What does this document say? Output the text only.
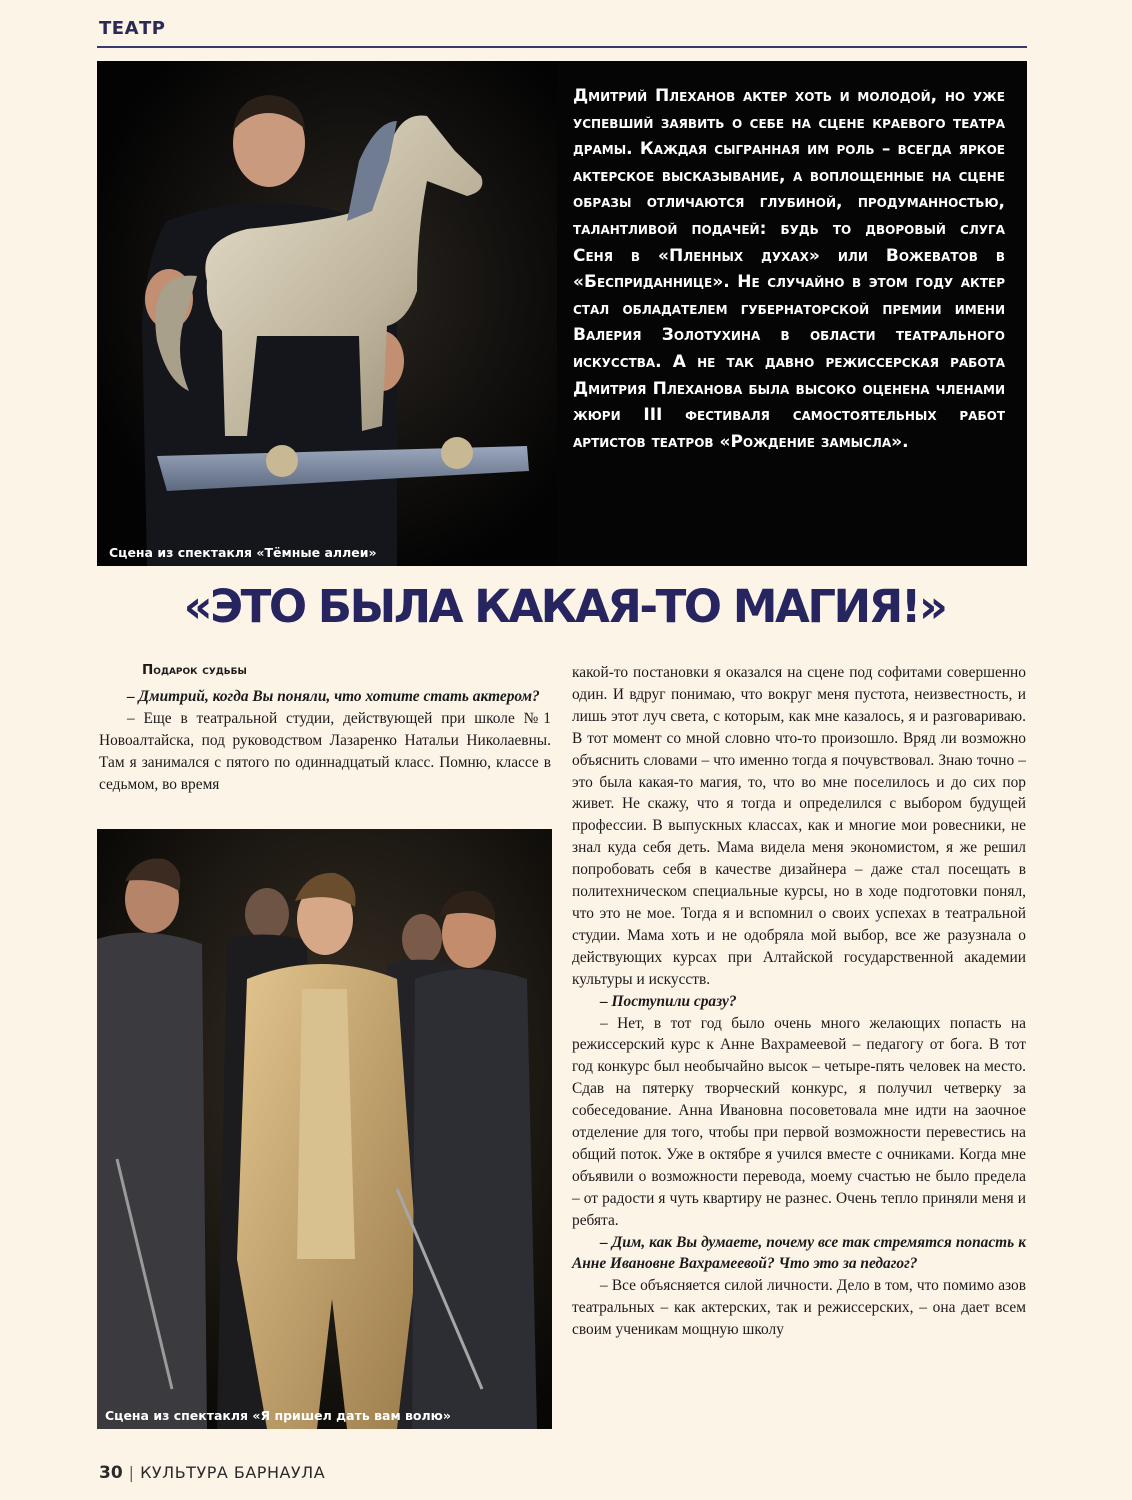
ТЕАТР
Сцена из спектакля «Тёмные аллеи»

Дмитрий Плеханов актер хоть и молодой, но уже успевший заявить о себе на сцене краевого театра драмы. Каждая сыгранная им роль – всегда яркое актерское высказывание, а воплощенные на сцене образы отличаются глубиной, продуманностью, талантливой подачей: будь то дворовый слуга Сеня в «Пленных духах» или Вожеватов в «Бесприданнице». Не случайно в этом году актер стал обладателем губернаторской премии имени Валерия Золотухина в области театрального искусства. А не так давно режиссерская работа Дмитрия Плеханова была высоко оценена членами жюри III фестиваля самостоятельных работ артистов театров «Рождение замысла».

«ЭТО БЫЛА КАКАЯ-ТО МАГИЯ!»
Подарок судьбы

– Дмитрий, когда Вы поняли, что хотите стать актером?

– Еще в театральной студии, действующей при школе №1 Новоалтайска, под руководством Лазаренко Натальи Николаевны. Там я занимался с пятого по одиннадцатый класс. Помню, классе в седьмом, во время

Сцена из спектакля «Я пришел дать вам волю»

какой-то постановки я оказался на сцене под софитами совершенно один. И вдруг понимаю, что вокруг меня пустота, неизвестность, и лишь этот луч света, с которым, как мне казалось, я и разговариваю. В тот момент со мной словно что-то произошло. Вряд ли возможно объяснить словами – что именно тогда я почувствовал. Знаю точно – это была какая-то магия, то, что во мне поселилось и до сих пор живет. Не скажу, что я тогда и определился с выбором будущей профессии. В выпускных классах, как и многие мои ровесники, не знал куда себя деть. Мама видела меня экономистом, я же решил попробовать себя в качестве дизайнера – даже стал посещать в политехническом специальные курсы, но в ходе подготовки понял, что это не мое. Тогда я и вспомнил о своих успехах в театральной студии. Мама хоть и не одобряла мой выбор, все же разузнала о действующих курсах при Алтайской государственной академии культуры и искусств.

– Поступили сразу?

– Нет, в тот год было очень много желающих попасть на режиссерский курс к Анне Вахрамеевой – педагогу от бога. В тот год конкурс был необычайно высок – четыре-пять человек на место. Сдав на пятерку творческий конкурс, я получил четверку за собеседование. Анна Ивановна посоветовала мне идти на заочное отделение для того, чтобы при первой возможности перевестись на общий поток. Уже в октябре я учился вместе с очниками. Когда мне объявили о возможности перевода, моему счастью не было предела – от радости я чуть квартиру не разнес. Очень тепло приняли меня и ребята.

– Дим, как Вы думаете, почему все так стремятся попасть к Анне Ивановне Вахрамеевой? Что это за педагог?

– Все объясняется силой личности. Дело в том, что помимо азов театральных – как актерских, так и режиссерских, – она дает всем своим ученикам мощную школу

30 | КУЛЬТУРА БАРНАУЛА
